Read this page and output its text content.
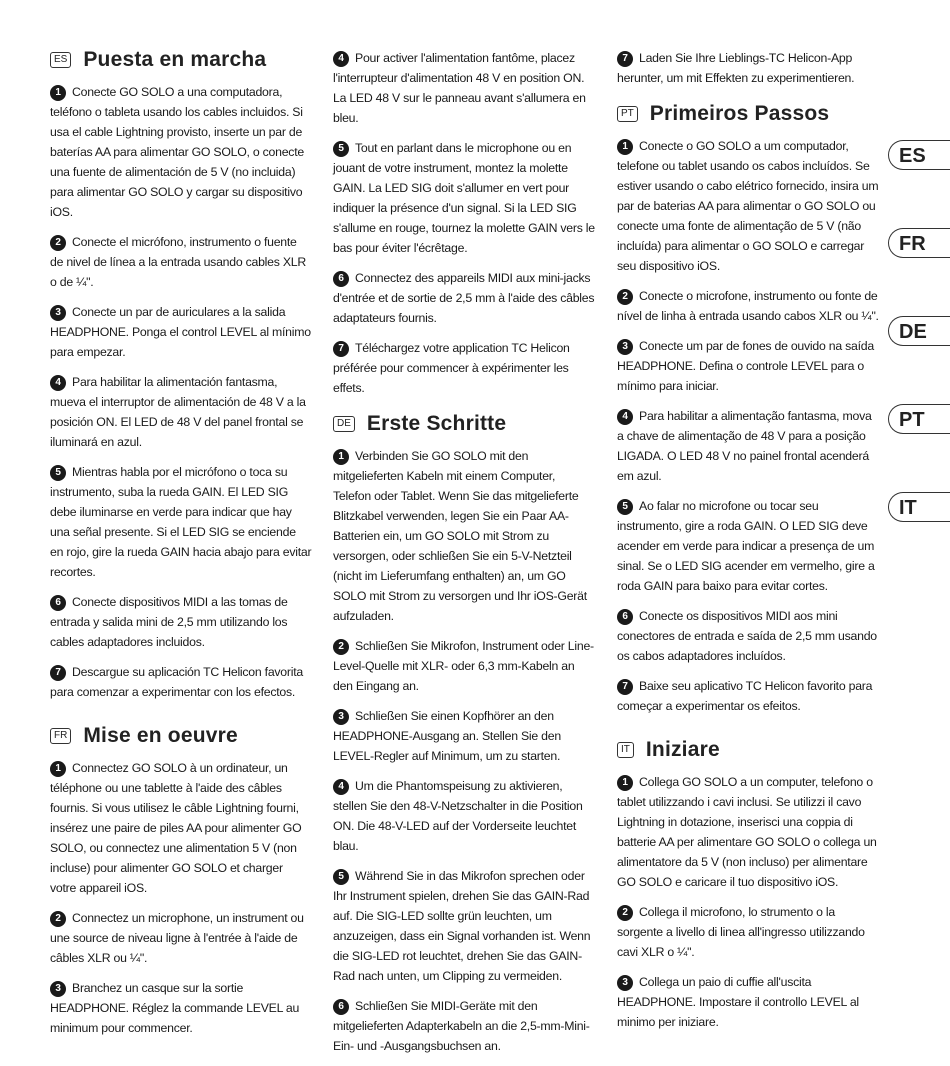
ES Puesta en marcha

1 Conecte GO SOLO a una computadora, teléfono o tableta usando los cables incluidos. Si usa el cable Lightning provisto, inserte un par de baterías AA para alimentar GO SOLO, o conecte una fuente de alimentación de 5 V (no incluida) para alimentar GO SOLO y cargar su dispositivo iOS.

2 Conecte el micrófono, instrumento o fuente de nivel de línea a la entrada usando cables XLR o de ¼".

3 Conecte un par de auriculares a la salida HEADPHONE. Ponga el control LEVEL al mínimo para empezar.

4 Para habilitar la alimentación fantasma, mueva el interruptor de alimentación de 48 V a la posición ON. El LED de 48 V del panel frontal se iluminará en azul.

5 Mientras habla por el micrófono o toca su instrumento, suba la rueda GAIN. El LED SIG debe iluminarse en verde para indicar que hay una señal presente. Si el LED SIG se enciende en rojo, gire la rueda GAIN hacia abajo para evitar recortes.

6 Conecte dispositivos MIDI a las tomas de entrada y salida mini de 2,5 mm utilizando los cables adaptadores incluidos.

7 Descargue su aplicación TC Helicon favorita para comenzar a experimentar con los efectos.

FR Mise en oeuvre

1 Connectez GO SOLO à un ordinateur, un téléphone ou une tablette à l'aide des câbles fournis. Si vous utilisez le câble Lightning fourni, insérez une paire de piles AA pour alimenter GO SOLO, ou connectez une alimentation 5 V (non incluse) pour alimenter GO SOLO et charger votre appareil iOS.

2 Connectez un microphone, un instrument ou une source de niveau ligne à l'entrée à l'aide de câbles XLR ou ¼".

3 Branchez un casque sur la sortie HEADPHONE. Réglez la commande LEVEL au minimum pour commencer.

4 Pour activer l'alimentation fantôme, placez l'interrupteur d'alimentation 48 V en position ON. La LED 48 V sur le panneau avant s'allumera en bleu.

5 Tout en parlant dans le microphone ou en jouant de votre instrument, montez la molette GAIN. La LED SIG doit s'allumer en vert pour indiquer la présence d'un signal. Si la LED SIG s'allume en rouge, tournez la molette GAIN vers le bas pour éviter l'écrêtage.

6 Connectez des appareils MIDI aux mini-jacks d'entrée et de sortie de 2,5 mm à l'aide des câbles adaptateurs fournis.

7 Téléchargez votre application TC Helicon préférée pour commencer à expérimenter les effets.

DE Erste Schritte

1 Verbinden Sie GO SOLO mit den mitgelieferten Kabeln mit einem Computer, Telefon oder Tablet. Wenn Sie das mitgelieferte Blitzkabel verwenden, legen Sie ein Paar AA-Batterien ein, um GO SOLO mit Strom zu versorgen, oder schließen Sie ein 5-V-Netzteil (nicht im Lieferumfang enthalten) an, um GO SOLO mit Strom zu versorgen und Ihr iOS-Gerät aufzuladen.

2 Schließen Sie Mikrofon, Instrument oder Line-Level-Quelle mit XLR- oder 6,3 mm-Kabeln an den Eingang an.

3 Schließen Sie einen Kopfhörer an den HEADPHONE-Ausgang an. Stellen Sie den LEVEL-Regler auf Minimum, um zu starten.

4 Um die Phantomspeisung zu aktivieren, stellen Sie den 48-V-Netzschalter in die Position ON. Die 48-V-LED auf der Vorderseite leuchtet blau.

5 Während Sie in das Mikrofon sprechen oder Ihr Instrument spielen, drehen Sie das GAIN-Rad auf. Die SIG-LED sollte grün leuchten, um anzuzeigen, dass ein Signal vorhanden ist. Wenn die SIG-LED rot leuchtet, drehen Sie das GAIN-Rad nach unten, um Clipping zu vermeiden.

6 Schließen Sie MIDI-Geräte mit den mitgelieferten Adapterkabeln an die 2,5-mm-Mini-Ein- und -Ausgangsbuchsen an.

7 Laden Sie Ihre Lieblings-TC Helicon-App herunter, um mit Effekten zu experimentieren.

PT Primeiros Passos

1 Conecte o GO SOLO a um computador, telefone ou tablet usando os cabos incluídos. Se estiver usando o cabo elétrico fornecido, insira um par de baterias AA para alimentar o GO SOLO ou conecte uma fonte de alimentação de 5 V (não incluída) para alimentar o GO SOLO e carregar seu dispositivo iOS.

2 Conecte o microfone, instrumento ou fonte de nível de linha à entrada usando cabos XLR ou ¼".

3 Conecte um par de fones de ouvido na saída HEADPHONE. Defina o controle LEVEL para o mínimo para iniciar.

4 Para habilitar a alimentação fantasma, mova a chave de alimentação de 48 V para a posição LIGADA. O LED 48 V no painel frontal acenderá em azul.

5 Ao falar no microfone ou tocar seu instrumento, gire a roda GAIN. O LED SIG deve acender em verde para indicar a presença de um sinal. Se o LED SIG acender em vermelho, gire a roda GAIN para baixo para evitar cortes.

6 Conecte os dispositivos MIDI aos mini conectores de entrada e saída de 2,5 mm usando os cabos adaptadores incluídos.

7 Baixe seu aplicativo TC Helicon favorito para começar a experimentar os efeitos.

IT Iniziare

1 Collega GO SOLO a un computer, telefono o tablet utilizzando i cavi inclusi. Se utilizzi il cavo Lightning in dotazione, inserisci una coppia di batterie AA per alimentare GO SOLO o collega un alimentatore da 5 V (non incluso) per alimentare GO SOLO e caricare il tuo dispositivo iOS.

2 Collega il microfono, lo strumento o la sorgente a livello di linea all'ingresso utilizzando cavi XLR o ¼".

3 Collega un paio di cuffie all'uscita HEADPHONE. Impostare il controllo LEVEL al minimo per iniziare.

ES
FR
DE
PT
IT
